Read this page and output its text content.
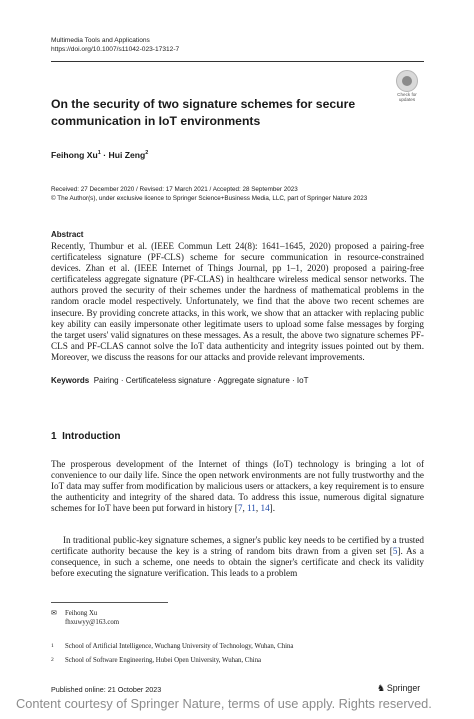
Multimedia Tools and Applications
https://doi.org/10.1007/s11042-023-17312-7
Check for
updates
On the security of two signature schemes for secure communication in IoT environments
Feihong $Xu^1$ · Hui Zeng$^2$
Received: 27 December 2020 / Revised: 17 March 2021 / Accepted: 28 September 2023
© The Author(s), under exclusive licence to Springer Science+Business Media, LLC, part of Springer Nature 2023
Abstract
Recently, Thumbur et al. (IEEE Commun Lett 24(8): 1641–1645, 2020) proposed a pairing-free certificateless signature (PF-CLS) scheme for secure communication in resource-constrained devices. Zhan et al. (IEEE Internet of Things Journal, pp 1–1, 2020) proposed a pairing-free certificateless aggregate signature (PF-CLAS) in healthcare wireless medical sensor networks. The authors proved the security of their schemes under the hardness of mathematical problems in the random oracle model respectively. Unfortunately, we find that the above two recent schemes are insecure. By providing concrete attacks, in this work, we show that an attacker with replacing public key ability can easily impersonate other legitimate users to upload some false messages by forging the target users' valid signatures on these messages. As a result, the above two signature schemes PF-CLS and PF-CLAS cannot solve the IoT data authenticity and integrity issues pointed out by them. Moreover, we discuss the reasons for our attacks and provide relevant improvements.
Keywords Pairing · Certificateless signature · Aggregate signature · IoT
1 Introduction

The prosperous development of the Internet of things (IoT) technology is bringing a lot of convenience to our daily life. Since the open network environments are not fully trustworthy and the IoT data may suffer from modification by malicious users or attackers, a key requirement is to ensure the authenticity and integrity of the shared data. To address this issue, numerous digital signature schemes for IoT have been put forward in history [7, 11, 14].

In traditional public-key signature schemes, a signer's public key needs to be certified by a trusted certificate authority because the key is a string of random bits drawn from a given set [5]. As a consequence, in such a scheme, one needs to obtain the signer's certificate and check its validity before executing the signature verification. This leads to a problem

✉ Feihong Xu
fhxuwyy@163.com
1 School of Artificial Intelligence, Wuchang University of Technology, Wuhan, China
2 School of Software Engineering, Hubei Open University, Wuhan, China
Published online: 21 October 2023	♞ Springer
Content courtesy of Springer Nature, terms of use apply. Rights reserved.
